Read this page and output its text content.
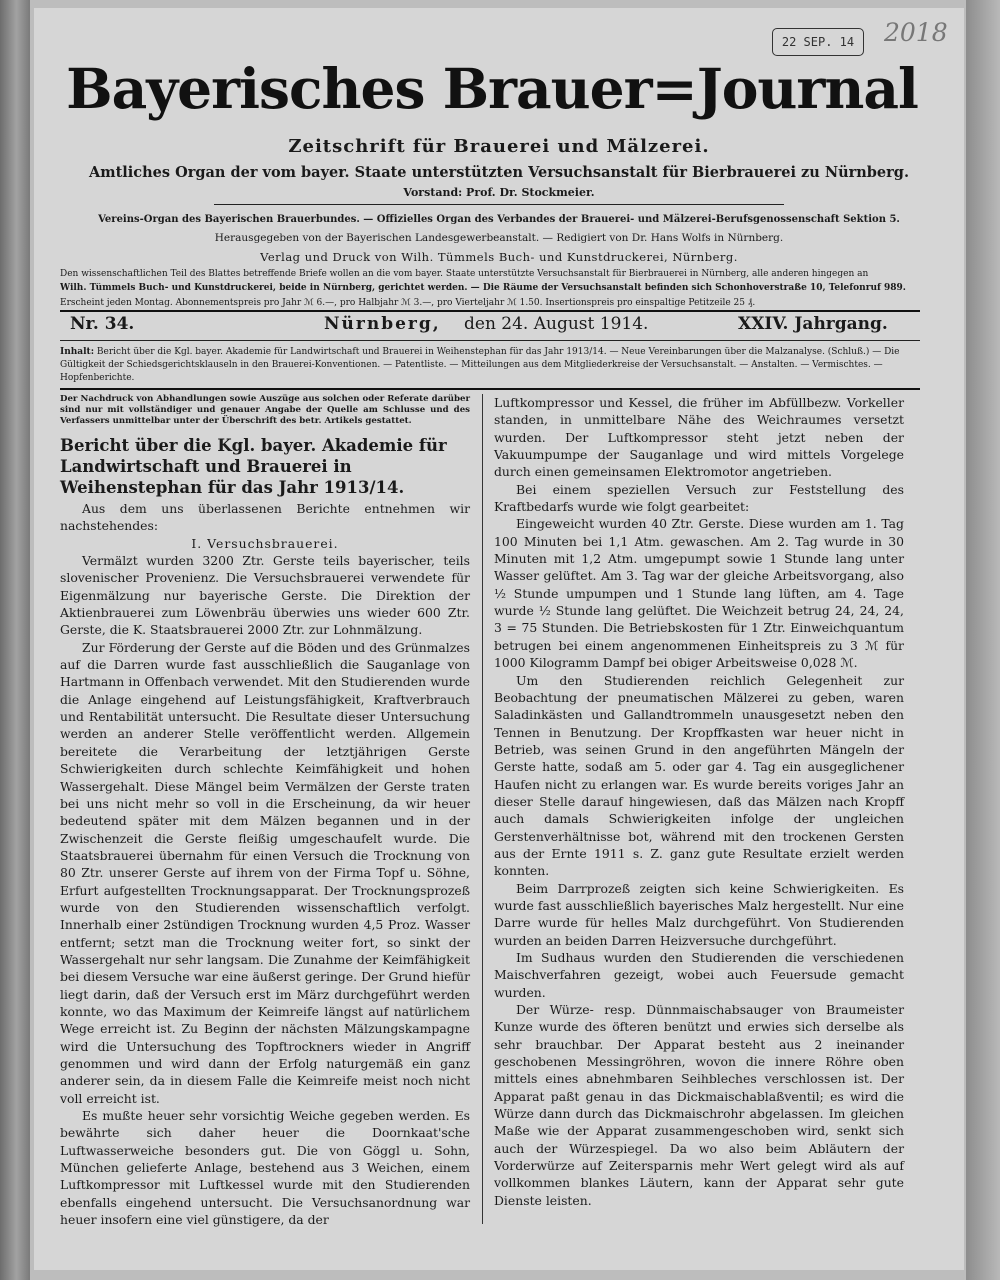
22 SEP. 14	2018
Bayerisches Brauer=Journal
Zeitschrift für Brauerei und Mälzerei.
Amtliches Organ der vom bayer. Staate unterstützten Versuchsanstalt für Bierbrauerei zu Nürnberg.
Vorstand: Prof. Dr. Stockmeier.
Vereins-Organ des Bayerischen Brauerbundes. — Offizielles Organ des Verbandes der Brauerei- und Mälzerei-Berufsgenossenschaft Sektion 5.
Herausgegeben von der Bayerischen Landesgewerbeanstalt. — Redigiert von Dr. Hans Wolfs in Nürnberg.
Verlag und Druck von Wilh. Tümmels Buch- und Kunstdruckerei, Nürnberg.
Den wissenschaftlichen Teil des Blattes betreffende Briefe wollen an die vom bayer. Staate unterstützte Versuchsanstalt für Bierbrauerei in Nürnberg, alle anderen hingegen an
Wilh. Tümmels Buch- und Kunstdruckerei, beide in Nürnberg, gerichtet werden. — Die Räume der Versuchsanstalt befinden sich Schonhoverstraße 10, Telefonruf 989.
Erscheint jeden Montag. Abonnementspreis pro Jahr ℳ 6.—, pro Halbjahr ℳ 3.—, pro Vierteljahr ℳ 1.50. Insertionspreis pro einspaltige Petitzeile 25 ₰.
Nr. 34.	Nürnberg, den 24. August 1914.	XXIV. Jahrgang.
Inhalt: Bericht über die Kgl. bayer. Akademie für Landwirtschaft und Brauerei in Weihenstephan für das Jahr 1913/14. — Neue Vereinbarungen über die Malzanalyse. (Schluß.) — Die Gültigkeit der Schiedsgerichtsklauseln in den Brauerei-Konventionen. — Patentliste. — Mitteilungen aus dem Mitgliederkreise der Versuchsanstalt. — Anstalten. — Vermischtes. — Hopfenberichte.

Der Nachdruck von Abhandlungen sowie Auszüge aus solchen oder Referate darüber sind nur mit vollständiger und genauer Angabe der Quelle am Schlusse und des Verfassers unmittelbar unter der Überschrift des betr. Artikels gestattet.

Bericht über die Kgl. bayer. Akademie für Landwirtschaft und Brauerei in Weihenstephan für das Jahr 1913/14.

Aus dem uns überlassenen Berichte entnehmen wir nachstehendes:

I. Versuchsbrauerei.

Vermälzt wurden 3200 Ztr. Gerste teils bayerischer, teils slovenischer Provenienz. Die Versuchsbrauerei verwendete für Eigenmälzung nur bayerische Gerste. Die Direktion der Aktienbrauerei zum Löwenbräu überwies uns wieder 600 Ztr. Gerste, die K. Staatsbrauerei 2000 Ztr. zur Lohnmälzung.

Zur Förderung der Gerste auf die Böden und des Grünmalzes auf die Darren wurde fast ausschließlich die Sauganlage von Hartmann in Offenbach verwendet. Mit den Studierenden wurde die Anlage eingehend auf Leistungsfähigkeit, Kraftverbrauch und Rentabilität untersucht. Die Resultate dieser Untersuchung werden an anderer Stelle veröffentlicht werden. Allgemein bereitete die Verarbeitung der letztjährigen Gerste Schwierigkeiten durch schlechte Keimfähigkeit und hohen Wassergehalt. Diese Mängel beim Vermälzen der Gerste traten bei uns nicht mehr so voll in die Erscheinung, da wir heuer bedeutend später mit dem Mälzen begannen und in der Zwischenzeit die Gerste fleißig umgeschaufelt wurde. Die Staatsbrauerei übernahm für einen Versuch die Trocknung von 80 Ztr. unserer Gerste auf ihrem von der Firma Topf u. Söhne, Erfurt aufgestellten Trocknungsapparat. Der Trocknungsprozeß wurde von den Studierenden wissenschaftlich verfolgt. Innerhalb einer 2stündigen Trocknung wurden 4,5 Proz. Wasser entfernt; setzt man die Trocknung weiter fort, so sinkt der Wassergehalt nur sehr langsam. Die Zunahme der Keimfähigkeit bei diesem Versuche war eine äußerst geringe. Der Grund hiefür liegt darin, daß der Versuch erst im März durchgeführt werden konnte, wo das Maximum der Keimreife längst auf natürlichem Wege erreicht ist. Zu Beginn der nächsten Mälzungskampagne wird die Untersuchung des Topftrockners wieder in Angriff genommen und wird dann der Erfolg naturgemäß ein ganz anderer sein, da in diesem Falle die Keimreife meist noch nicht voll erreicht ist.

Es mußte heuer sehr vorsichtig Weiche gegeben werden. Es bewährte sich daher heuer die Doornkaat'sche Luftwasserweiche besonders gut. Die von Göggl u. Sohn, München gelieferte Anlage, bestehend aus 3 Weichen, einem Luftkompressor mit Luftkessel wurde mit den Studierenden ebenfalls eingehend untersucht. Die Versuchsanordnung war heuer insofern eine viel günstigere, da der

Luftkompressor und Kessel, die früher im Abfüllbezw. Vorkeller standen, in unmittelbare Nähe des Weichraumes versetzt wurden. Der Luftkompressor steht jetzt neben der Vakuumpumpe der Sauganlage und wird mittels Vorgelege durch einen gemeinsamen Elektromotor angetrieben.

Bei einem speziellen Versuch zur Feststellung des Kraftbedarfs wurde wie folgt gearbeitet:

Eingeweicht wurden 40 Ztr. Gerste. Diese wurden am 1. Tag 100 Minuten bei 1,1 Atm. gewaschen. Am 2. Tag wurde in 30 Minuten mit 1,2 Atm. umgepumpt sowie 1 Stunde lang unter Wasser gelüftet. Am 3. Tag war der gleiche Arbeitsvorgang, also ½ Stunde umpumpen und 1 Stunde lang lüften, am 4. Tage wurde ½ Stunde lang gelüftet. Die Weichzeit betrug 24, 24, 24, 3 = 75 Stunden. Die Betriebskosten für 1 Ztr. Einweichquantum betrugen bei einem angenommenen Einheitspreis zu 3 ℳ für 1000 Kilogramm Dampf bei obiger Arbeitsweise 0,028 ℳ.

Um den Studierenden reichlich Gelegenheit zur Beobachtung der pneumatischen Mälzerei zu geben, waren Saladinkästen und Gallandtrommeln unausgesetzt neben den Tennen in Benutzung. Der Kropffkasten war heuer nicht in Betrieb, was seinen Grund in den angeführten Mängeln der Gerste hatte, sodaß am 5. oder gar 4. Tag ein ausgeglichener Haufen nicht zu erlangen war. Es wurde bereits voriges Jahr an dieser Stelle darauf hingewiesen, daß das Mälzen nach Kropff auch damals Schwierigkeiten infolge der ungleichen Gerstenverhältnisse bot, während mit den trockenen Gersten aus der Ernte 1911 s. Z. ganz gute Resultate erzielt werden konnten.

Beim Darrprozeß zeigten sich keine Schwierigkeiten. Es wurde fast ausschließlich bayerisches Malz hergestellt. Nur eine Darre wurde für helles Malz durchgeführt. Von Studierenden wurden an beiden Darren Heizversuche durchgeführt.

Im Sudhaus wurden den Studierenden die verschiedenen Maischverfahren gezeigt, wobei auch Feuersude gemacht wurden.

Der Würze- resp. Dünnmaischabsauger von Braumeister Kunze wurde des öfteren benützt und erwies sich derselbe als sehr brauchbar. Der Apparat besteht aus 2 ineinander geschobenen Messingröhren, wovon die innere Röhre oben mittels eines abnehmbaren Seihbleches verschlossen ist. Der Apparat paßt genau in das Dickmaischablaßventil; es wird die Würze dann durch das Dickmaischrohr abgelassen. Im gleichen Maße wie der Apparat zusammengeschoben wird, senkt sich auch der Würzespiegel. Da wo also beim Abläutern der Vorderwürze auf Zeitersparnis mehr Wert gelegt wird als auf vollkommen blankes Läutern, kann der Apparat sehr gute Dienste leisten.
